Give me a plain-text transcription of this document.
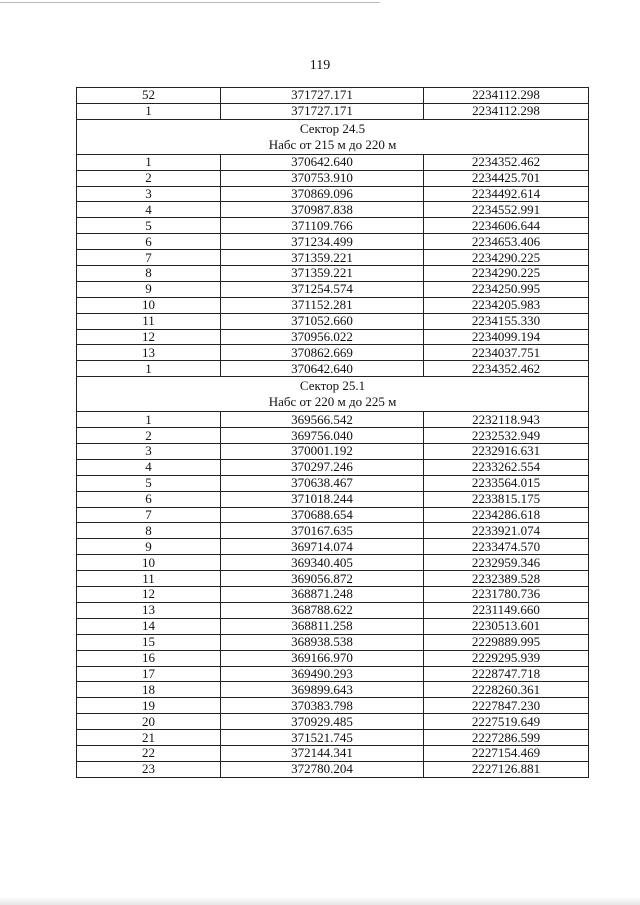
119
52	371727.171	2234112.298
1	371727.171	2234112.298

Сектор 24.5
Набс от 215 м до 220 м		

1	370642.640	2234352.462
2	370753.910	2234425.701
3	370869.096	2234492.614
4	370987.838	2234552.991
5	371109.766	2234606.644
6	371234.499	2234653.406
7	371359.221	2234290.225
8	371359.221	2234290.225
9	371254.574	2234250.995
10	371152.281	2234205.983
11	371052.660	2234155.330
12	370956.022	2234099.194
13	370862.669	2234037.751
1	370642.640	2234352.462

Сектор 25.1
Набс от 220 м до 225 м		

1	369566.542	2232118.943
2	369756.040	2232532.949
3	370001.192	2232916.631
4	370297.246	2233262.554
5	370638.467	2233564.015
6	371018.244	2233815.175
7	370688.654	2234286.618
8	370167.635	2233921.074
9	369714.074	2233474.570
10	369340.405	2232959.346
11	369056.872	2232389.528
12	368871.248	2231780.736
13	368788.622	2231149.660
14	368811.258	2230513.601
15	368938.538	2229889.995
16	369166.970	2229295.939
17	369490.293	2228747.718
18	369899.643	2228260.361
19	370383.798	2227847.230
20	370929.485	2227519.649
21	371521.745	2227286.599
22	372144.341	2227154.469
23	372780.204	2227126.881
